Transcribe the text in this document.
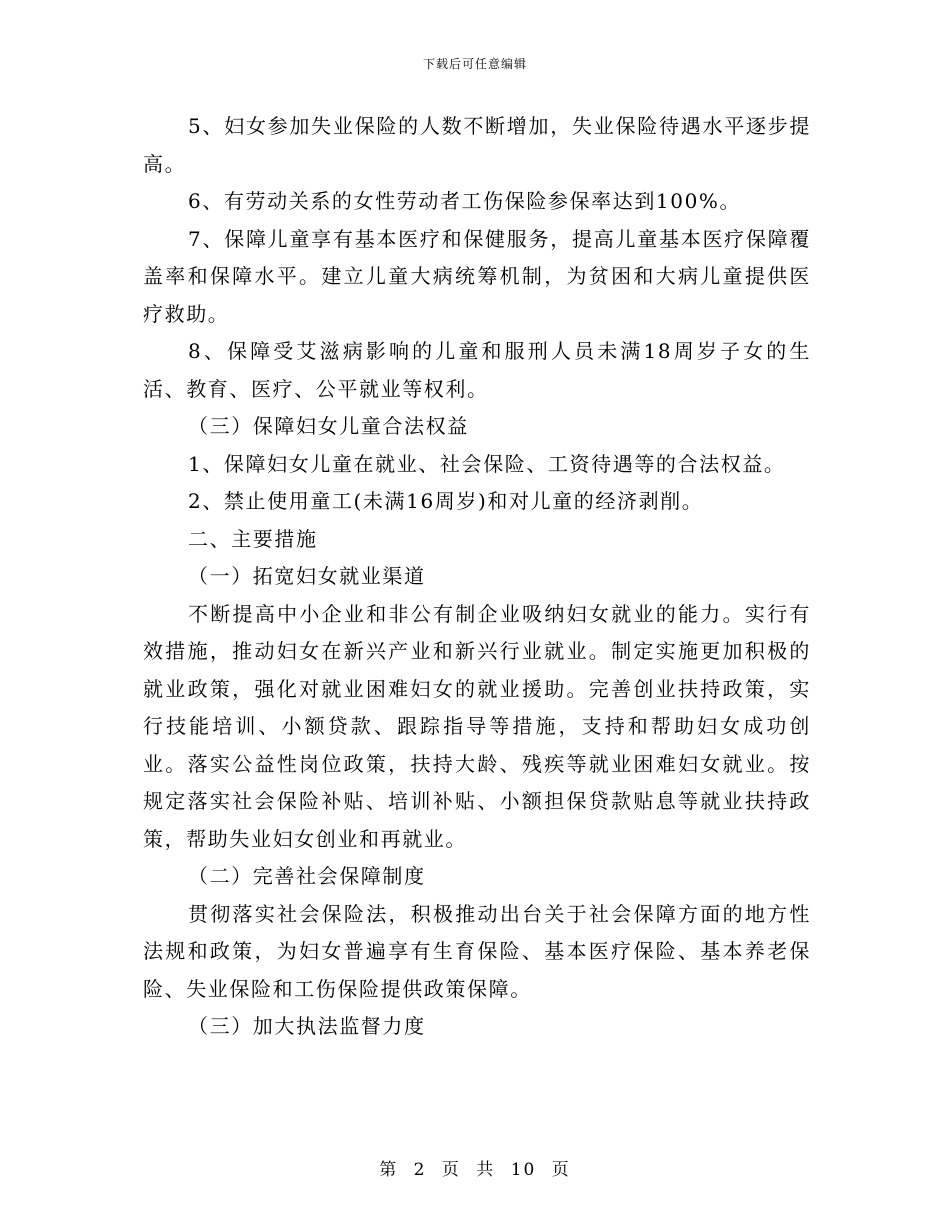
下载后可任意编辑

5、妇女参加失业保险的人数不断增加，失业保险待遇水平逐步提高。

6、有劳动关系的女性劳动者工伤保险参保率达到100%。

7、保障儿童享有基本医疗和保健服务，提高儿童基本医疗保障覆盖率和保障水平。建立儿童大病统筹机制，为贫困和大病儿童提供医疗救助。

8、保障受艾滋病影响的儿童和服刑人员未满18周岁子女的生活、教育、医疗、公平就业等权利。

（三）保障妇女儿童合法权益

1、保障妇女儿童在就业、社会保险、工资待遇等的合法权益。

2、禁止使用童工(未满16周岁)和对儿童的经济剥削。

二、主要措施

（一）拓宽妇女就业渠道

不断提高中小企业和非公有制企业吸纳妇女就业的能力。实行有效措施，推动妇女在新兴产业和新兴行业就业。制定实施更加积极的就业政策，强化对就业困难妇女的就业援助。完善创业扶持政策，实行技能培训、小额贷款、跟踪指导等措施，支持和帮助妇女成功创业。落实公益性岗位政策，扶持大龄、残疾等就业困难妇女就业。按规定落实社会保险补贴、培训补贴、小额担保贷款贴息等就业扶持政策，帮助失业妇女创业和再就业。

（二）完善社会保障制度

贯彻落实社会保险法，积极推动出台关于社会保障方面的地方性法规和政策，为妇女普遍享有生育保险、基本医疗保险、基本养老保险、失业保险和工伤保险提供政策保障。

（三）加大执法监督力度

第 2 页 共 10 页
